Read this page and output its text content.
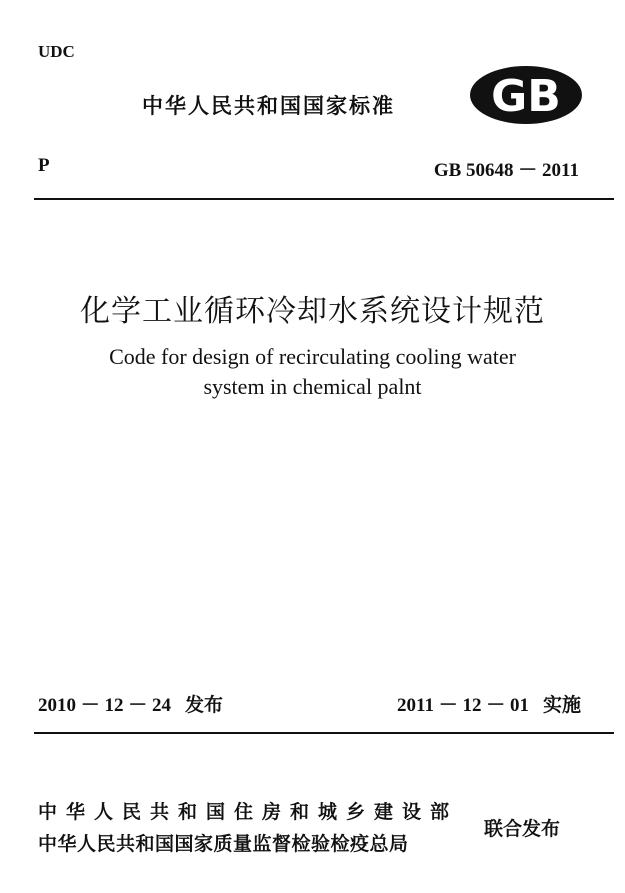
UDC
中华人民共和国国家标准 GB
P	GB 50648 － 2011
化学工业循环冷却水系统设计规范
Code for design of recirculating cooling water
system in chemical palnt
2010 － 12 － 24 发布	2011 － 12 － 01 实施
中华人民共和国住房和城乡建设部
中华人民共和国国家质量监督检验检疫总局
联合发布
